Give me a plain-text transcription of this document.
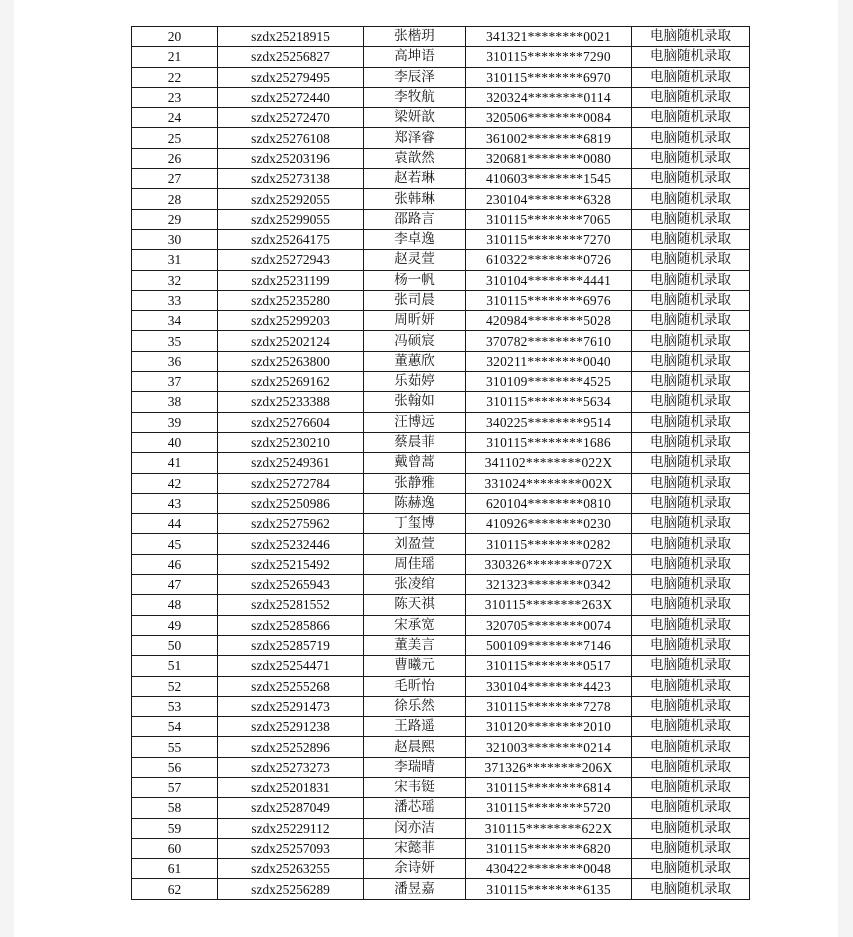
20	szdx25218915	张楷玥	341321********0021	电脑随机录取
21	szdx25256827	高坤语	310115********7290	电脑随机录取
22	szdx25279495	李辰泽	310115********6970	电脑随机录取
23	szdx25272440	李牧航	320324********0114	电脑随机录取
24	szdx25272470	梁妍歆	320506********0084	电脑随机录取
25	szdx25276108	郑泽睿	361002********6819	电脑随机录取
26	szdx25203196	袁歆然	320681********0080	电脑随机录取
27	szdx25273138	赵若琳	410603********1545	电脑随机录取
28	szdx25292055	张韩琳	230104********6328	电脑随机录取
29	szdx25299055	邵路言	310115********7065	电脑随机录取
30	szdx25264175	李卓逸	310115********7270	电脑随机录取
31	szdx25272943	赵灵萱	610322********0726	电脑随机录取
32	szdx25231199	杨一帆	310104********4441	电脑随机录取
33	szdx25235280	张司晨	310115********6976	电脑随机录取
34	szdx25299203	周昕妍	420984********5028	电脑随机录取
35	szdx25202124	冯硕宸	370782********7610	电脑随机录取
36	szdx25263800	董蕙欣	320211********0040	电脑随机录取
37	szdx25269162	乐茹婷	310109********4525	电脑随机录取
38	szdx25233388	张翰如	310115********5634	电脑随机录取
39	szdx25276604	汪博远	340225********9514	电脑随机录取
40	szdx25230210	蔡晨菲	310115********1686	电脑随机录取
41	szdx25249361	戴曾蒿	341102********022X	电脑随机录取
42	szdx25272784	张静雅	331024********002X	电脑随机录取
43	szdx25250986	陈赫逸	620104********0810	电脑随机录取
44	szdx25275962	丁玺博	410926********0230	电脑随机录取
45	szdx25232446	刘盈萱	310115********0282	电脑随机录取
46	szdx25215492	周佳瑶	330326********072X	电脑随机录取
47	szdx25265943	张凌绾	321323********0342	电脑随机录取
48	szdx25281552	陈天祺	310115********263X	电脑随机录取
49	szdx25285866	宋承宽	320705********0074	电脑随机录取
50	szdx25285719	董美言	500109********7146	电脑随机录取
51	szdx25254471	曹曦元	310115********0517	电脑随机录取
52	szdx25255268	毛昕怡	330104********4423	电脑随机录取
53	szdx25291473	徐乐然	310115********7278	电脑随机录取
54	szdx25291238	王路遥	310120********2010	电脑随机录取
55	szdx25252896	赵晨熙	321003********0214	电脑随机录取
56	szdx25273273	李瑞晴	371326********206X	电脑随机录取
57	szdx25201831	宋韦铤	310115********6814	电脑随机录取
58	szdx25287049	潘芯瑶	310115********5720	电脑随机录取
59	szdx25229112	闵亦洁	310115********622X	电脑随机录取
60	szdx25257093	宋懿菲	310115********6820	电脑随机录取
61	szdx25263255	余诗妍	430422********0048	电脑随机录取
62	szdx25256289	潘昱嘉	310115********6135	电脑随机录取
